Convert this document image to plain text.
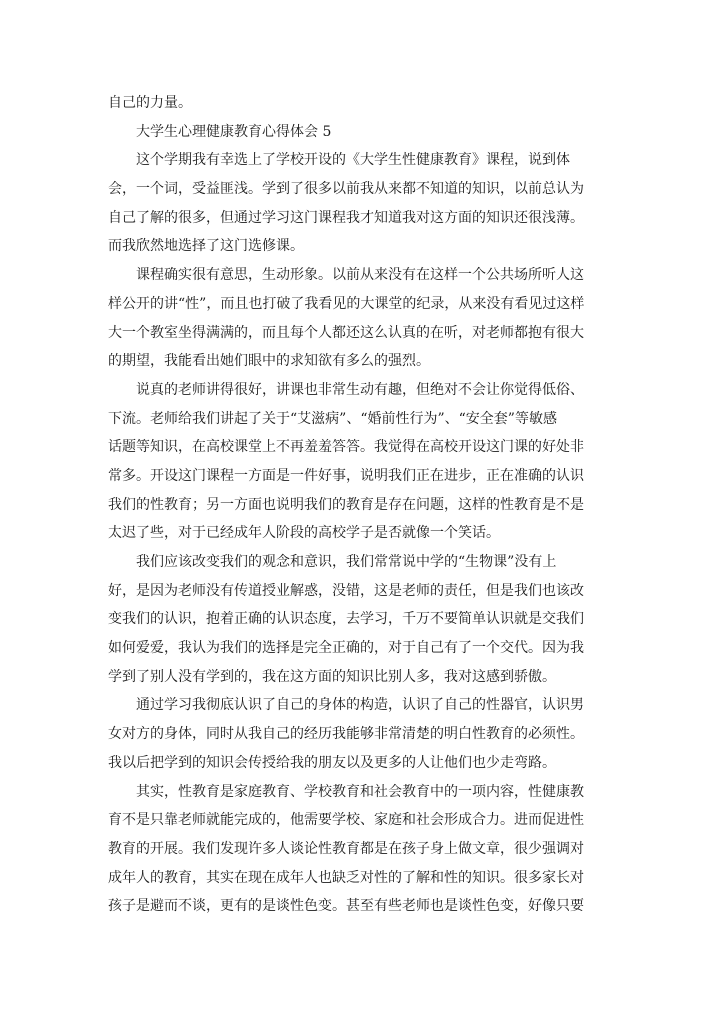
自己的力量。
大学生心理健康教育心得体会 5
这个学期我有幸选上了学校开设的《大学生性健康教育》课程，说到体
会，一个词，受益匪浅。学到了很多以前我从来都不知道的知识，以前总认为
自己了解的很多，但通过学习这门课程我才知道我对这方面的知识还很浅薄。
而我欣然地选择了这门选修课。
课程确实很有意思，生动形象。以前从来没有在这样一个公共场所听人这
样公开的讲“性”，而且也打破了我看见的大课堂的纪录，从来没有看见过这样
大一个教室坐得满满的，而且每个人都还这么认真的在听，对老师都抱有很大
的期望，我能看出她们眼中的求知欲有多么的强烈。
说真的老师讲得很好，讲课也非常生动有趣，但绝对不会让你觉得低俗、
下流。老师给我们讲起了关于“艾滋病”、“婚前性行为”、“安全套”等敏感
话题等知识，在高校课堂上不再羞羞答答。我觉得在高校开设这门课的好处非
常多。开设这门课程一方面是一件好事，说明我们正在进步，正在准确的认识
我们的性教育；另一方面也说明我们的教育是存在问题，这样的性教育是不是
太迟了些，对于已经成年人阶段的高校学子是否就像一个笑话。
我们应该改变我们的观念和意识，我们常常说中学的“生物课”没有上
好，是因为老师没有传道授业解惑，没错，这是老师的责任，但是我们也该改
变我们的认识，抱着正确的认识态度，去学习，千万不要简单认识就是交我们
如何爱爱，我认为我们的选择是完全正确的，对于自己有了一个交代。因为我
学到了别人没有学到的，我在这方面的知识比别人多，我对这感到骄傲。
通过学习我彻底认识了自己的身体的构造，认识了自己的性器官，认识男
女对方的身体，同时从我自己的经历我能够非常清楚的明白性教育的必须性。
我以后把学到的知识会传授给我的朋友以及更多的人让他们也少走弯路。
其实，性教育是家庭教育、学校教育和社会教育中的一项内容，性健康教
育不是只靠老师就能完成的，他需要学校、家庭和社会形成合力。进而促进性
教育的开展。我们发现许多人谈论性教育都是在孩子身上做文章，很少强调对
成年人的教育，其实在现在成年人也缺乏对性的了解和性的知识。很多家长对
孩子是避而不谈，更有的是谈性色变。甚至有些老师也是谈性色变，好像只要
